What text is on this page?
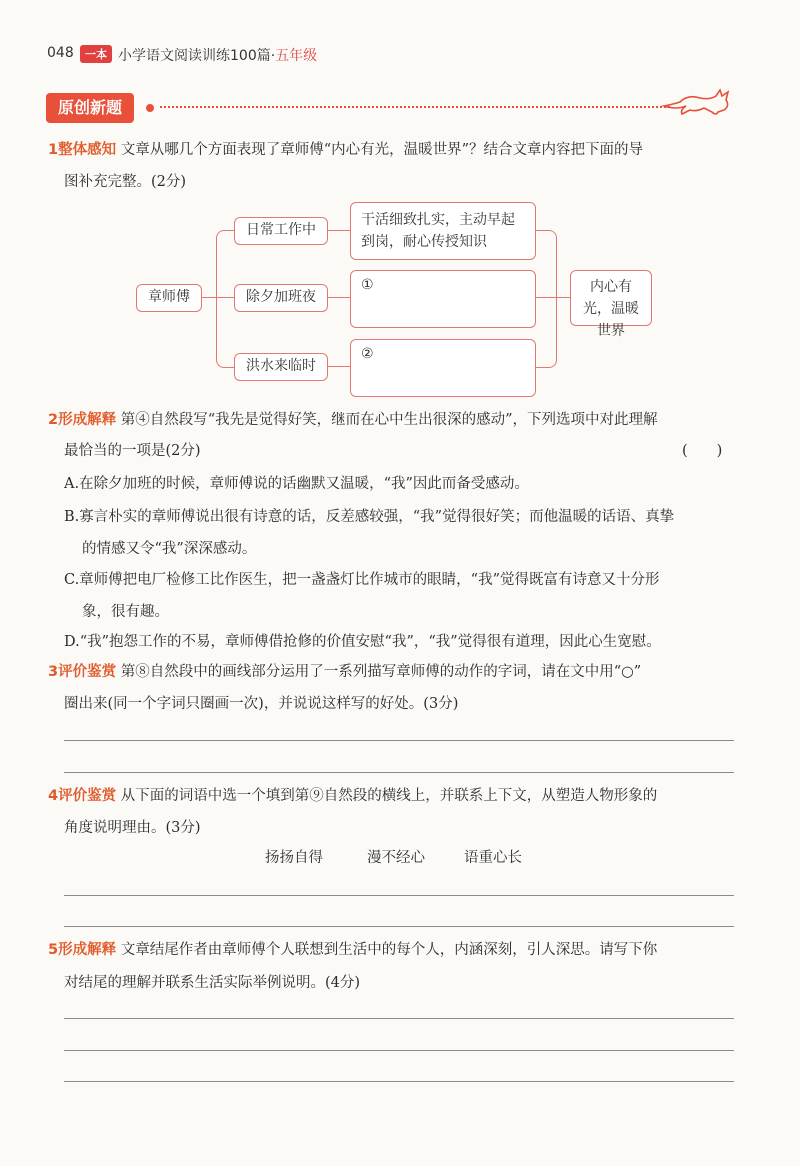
048	一本 小学语文阅读训练100篇·五年级
原创新题
1整体感知 文章从哪几个方面表现了章师傅“内心有光，温暖世界”？结合文章内容把下面的导
图补充完整。(2分)
章师傅
日常工作中
除夕加班夜
洪水来临时
干活细致扎实，主动早起到岗，耐心传授知识
①
②
内心有光，温暖世界
2形成解释 第④自然段写“我先是觉得好笑，继而在心中生出很深的感动”，下列选项中对此理解
最恰当的一项是(2分)	(　　)
A.在除夕加班的时候，章师傅说的话幽默又温暖，“我”因此而备受感动。
B.寡言朴实的章师傅说出很有诗意的话，反差感较强，“我”觉得很好笑；而他温暖的话语、真挚
的情感又令“我”深深感动。
C.章师傅把电厂检修工比作医生，把一盏盏灯比作城市的眼睛，“我”觉得既富有诗意又十分形
象，很有趣。
D.“我”抱怨工作的不易，章师傅借抢修的价值安慰“我”，“我”觉得很有道理，因此心生宽慰。
3评价鉴赏 第⑧自然段中的画线部分运用了一系列描写章师傅的动作的字词，请在文中用“○”
圈出来(同一个字词只圈画一次)，并说说这样写的好处。(3分)
4评价鉴赏 从下面的词语中选一个填到第⑨自然段的横线上，并联系上下文，从塑造人物形象的
角度说明理由。(3分)
扬扬自得	漫不经心	语重心长
5形成解释 文章结尾作者由章师傅个人联想到生活中的每个人，内涵深刻，引人深思。请写下你
对结尾的理解并联系生活实际举例说明。(4分)
